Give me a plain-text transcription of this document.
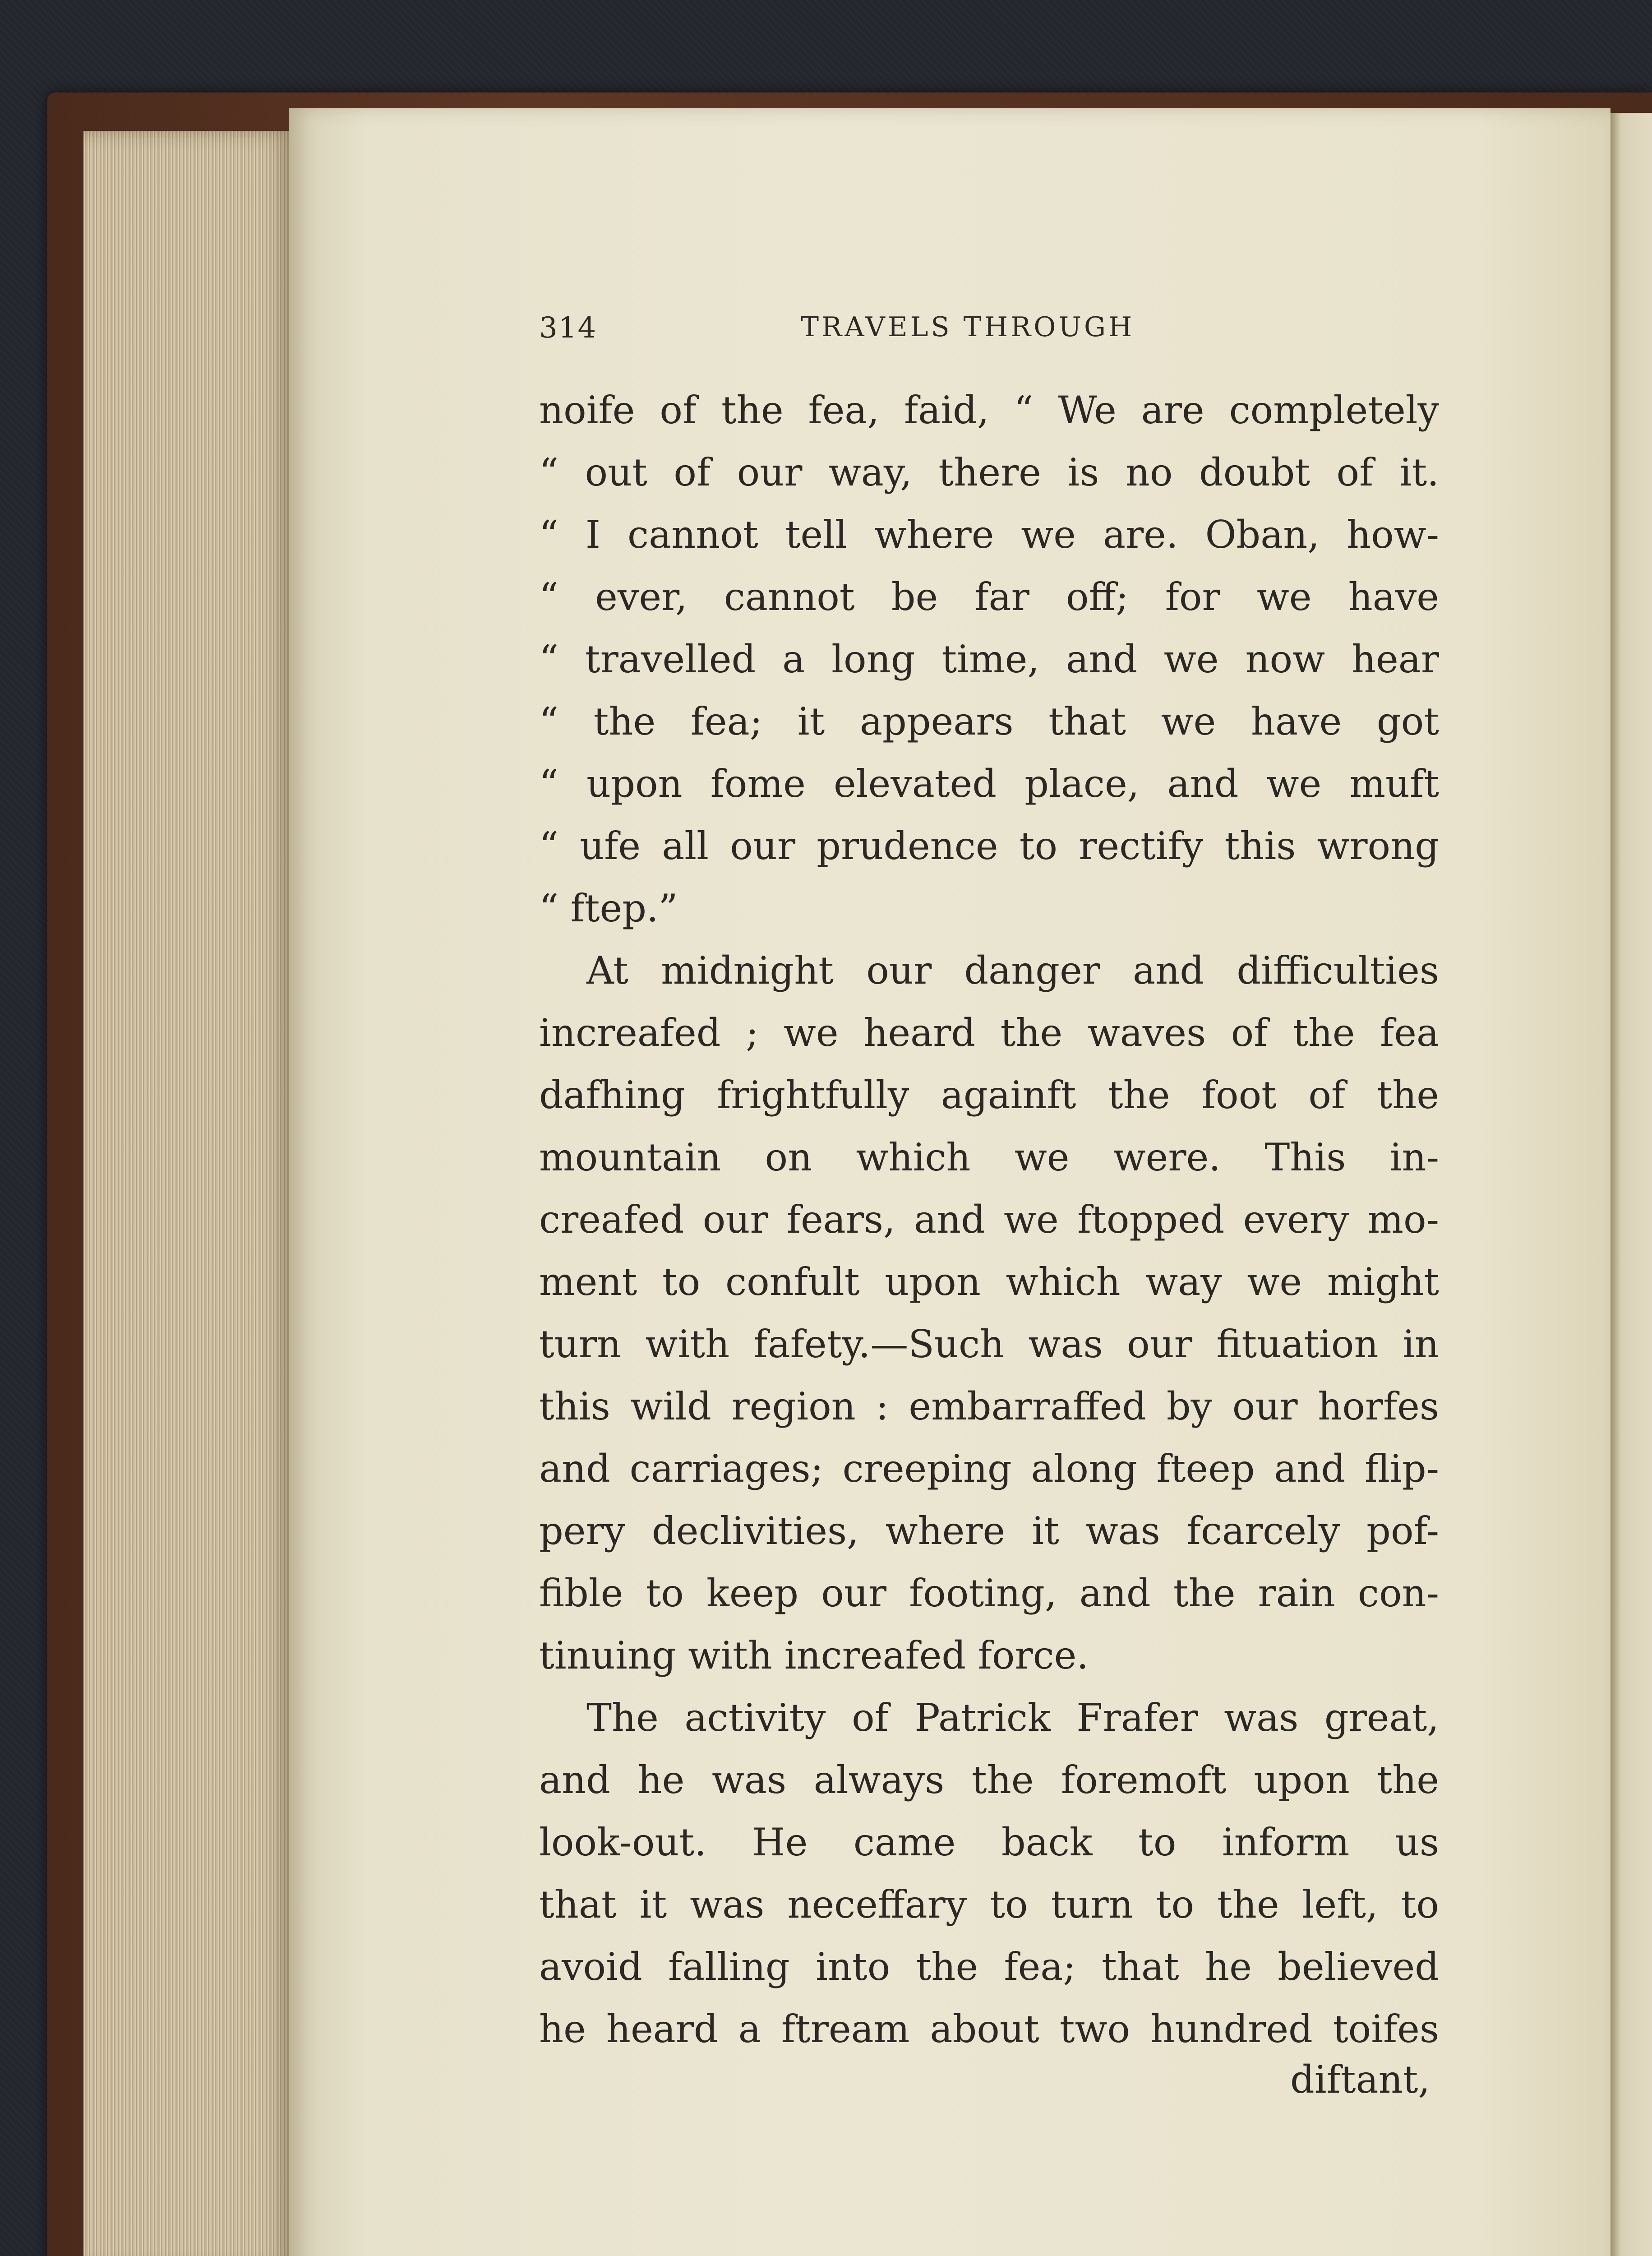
314	TRAVELS THROUGH
noife of the fea, faid, “ We are completely
“ out of our way, there is no doubt of it.
“ I cannot tell where we are. Oban, how-
“ ever, cannot be far off; for we have
“ travelled a long time, and we now hear
“ the fea; it appears that we have got
“ upon fome elevated place, and we muft
“ ufe all our prudence to rectify this wrong
“ ftep.”
At midnight our danger and difficulties
increafed ; we heard the waves of the fea
dafhing frightfully againft the foot of the
mountain on which we were. This in-
creafed our fears, and we ftopped every mo-
ment to confult upon which way we might
turn with fafety.—Such was our fituation in
this wild region : embarraffed by our horfes
and carriages; creeping along fteep and flip-
pery declivities, where it was fcarcely pof-
fible to keep our footing, and the rain con-
tinuing with increafed force.
The activity of Patrick Frafer was great,
and he was always the foremoft upon the
look-out. He came back to inform us
that it was neceffary to turn to the left, to
avoid falling into the fea; that he believed
he heard a ftream about two hundred toifes
diftant,
